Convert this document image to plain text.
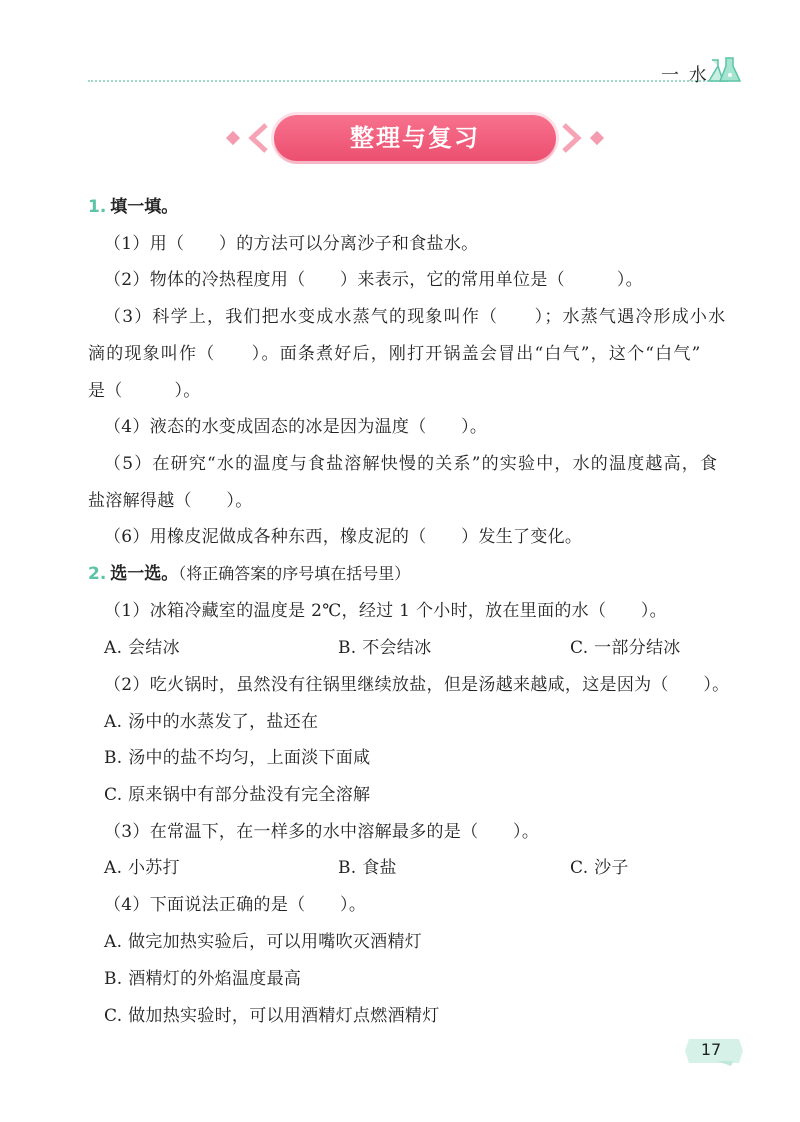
一 水
整理与复习
1. 填一填。
（1）用（　　）的方法可以分离沙子和食盐水。
（2）物体的冷热程度用（　　）来表示，它的常用单位是（　　　）。
（3）科学上，我们把水变成水蒸气的现象叫作（　　）；水蒸气遇冷形成小水
滴的现象叫作（　　）。面条煮好后，刚打开锅盖会冒出“白气”，这个“白气”
是（　　　）。
（4）液态的水变成固态的冰是因为温度（　　）。
（5）在研究“水的温度与食盐溶解快慢的关系”的实验中，水的温度越高，食
盐溶解得越（　　）。
（6）用橡皮泥做成各种东西，橡皮泥的（　　）发生了变化。
2. 选一选。（将正确答案的序号填在括号里）
（1）冰箱冷藏室的温度是 2℃，经过 1 个小时，放在里面的水（　　）。
A. 会结冰	B. 不会结冰	C. 一部分结冰
（2）吃火锅时，虽然没有往锅里继续放盐，但是汤越来越咸，这是因为（　　）。
A. 汤中的水蒸发了，盐还在
B. 汤中的盐不均匀，上面淡下面咸
C. 原来锅中有部分盐没有完全溶解
（3）在常温下，在一样多的水中溶解最多的是（　　）。
A. 小苏打	B. 食盐	C. 沙子
（4）下面说法正确的是（　　）。
A. 做完加热实验后，可以用嘴吹灭酒精灯
B. 酒精灯的外焰温度最高
C. 做加热实验时，可以用酒精灯点燃酒精灯
17
